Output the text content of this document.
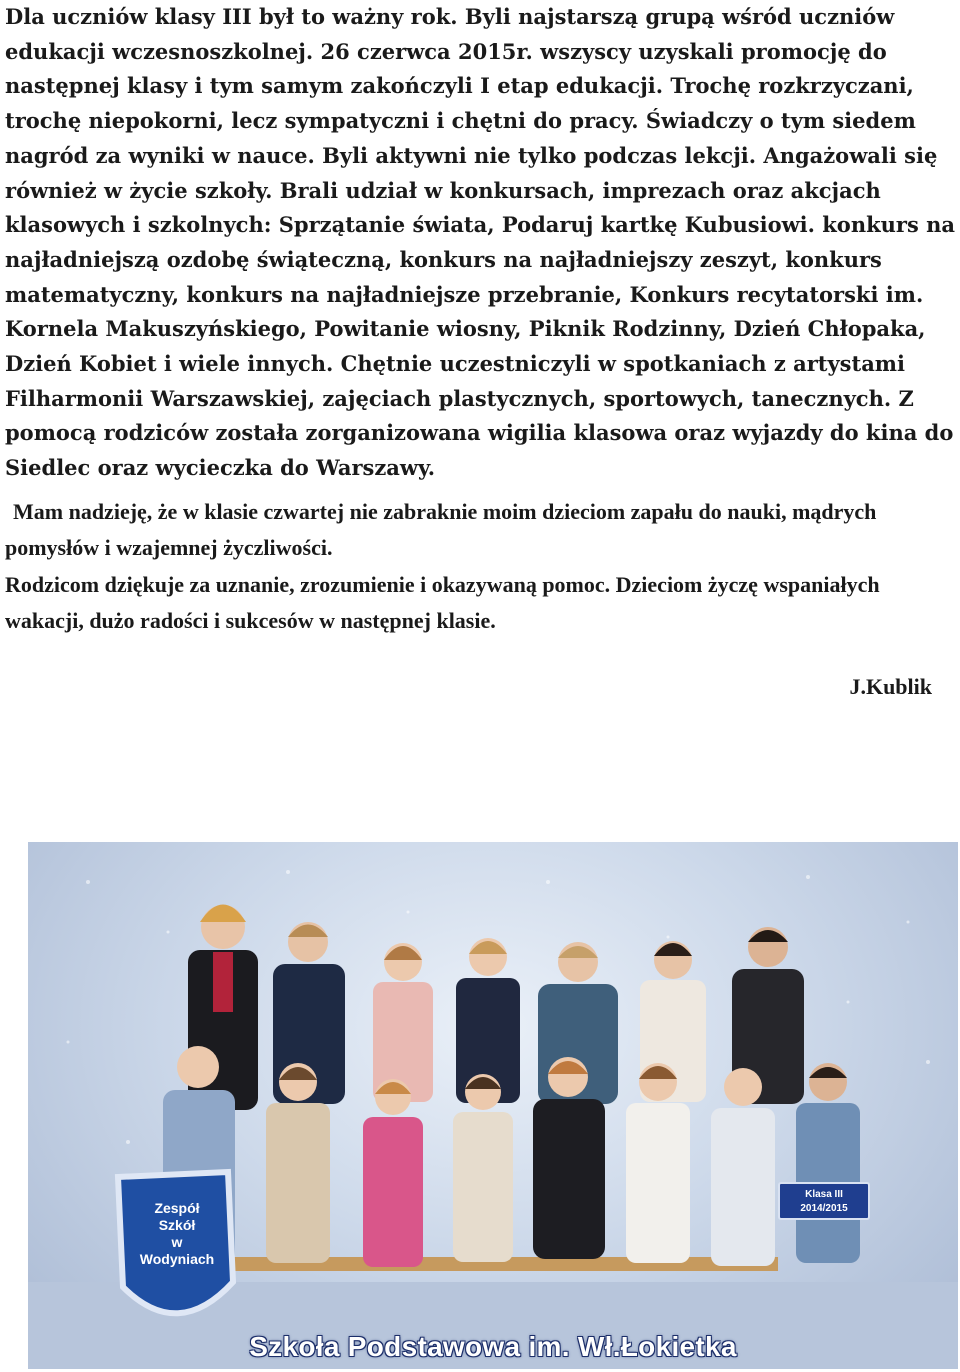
Dla uczniów klasy III był to ważny rok. Byli najstarszą grupą wśród uczniów edukacji wczesnoszkolnej. 26 czerwca 2015r. wszyscy uzyskali promocję do następnej klasy i tym samym zakończyli I etap edukacji. Trochę rozkrzyczani, trochę niepokorni, lecz sympatyczni i chętni do pracy. Świadczy o tym siedem nagród za wyniki w nauce. Byli aktywni nie tylko podczas lekcji. Angażowali się również w życie szkoły. Brali udział w konkursach, imprezach oraz akcjach klasowych i szkolnych: Sprzątanie świata, Podaruj kartkę Kubusiowi. konkurs na najładniejszą ozdobę świąteczną, konkurs na najładniejszy zeszyt, konkurs matematyczny, konkurs na najładniejsze przebranie, Konkurs recytatorski im. Kornela Makuszyńskiego, Powitanie wiosny, Piknik Rodzinny, Dzień Chłopaka, Dzień Kobiet i wiele innych. Chętnie uczestniczyli w spotkaniach z artystami Filharmonii Warszawskiej, zajęciach plastycznych, sportowych, tanecznych. Z pomocą rodziców została zorganizowana wigilia klasowa oraz wyjazdy do kina do Siedlec oraz wycieczka do Warszawy.

Mam nadzieję, że w klasie czwartej nie zabraknie moim dzieciom zapału do nauki, mądrych pomysłów i wzajemnej życzliwości.
Rodzicom dziękuje za uznanie, zrozumienie i okazywaną pomoc. Dzieciom życzę wspaniałych wakacji, dużo radości i sukcesów w następnej klasie.

J.Kublik
Szkoła Podstawowa im. Wł.Łokietka
Zespół
Szkół
w
Wodyniach
Klasa III
2014/2015
